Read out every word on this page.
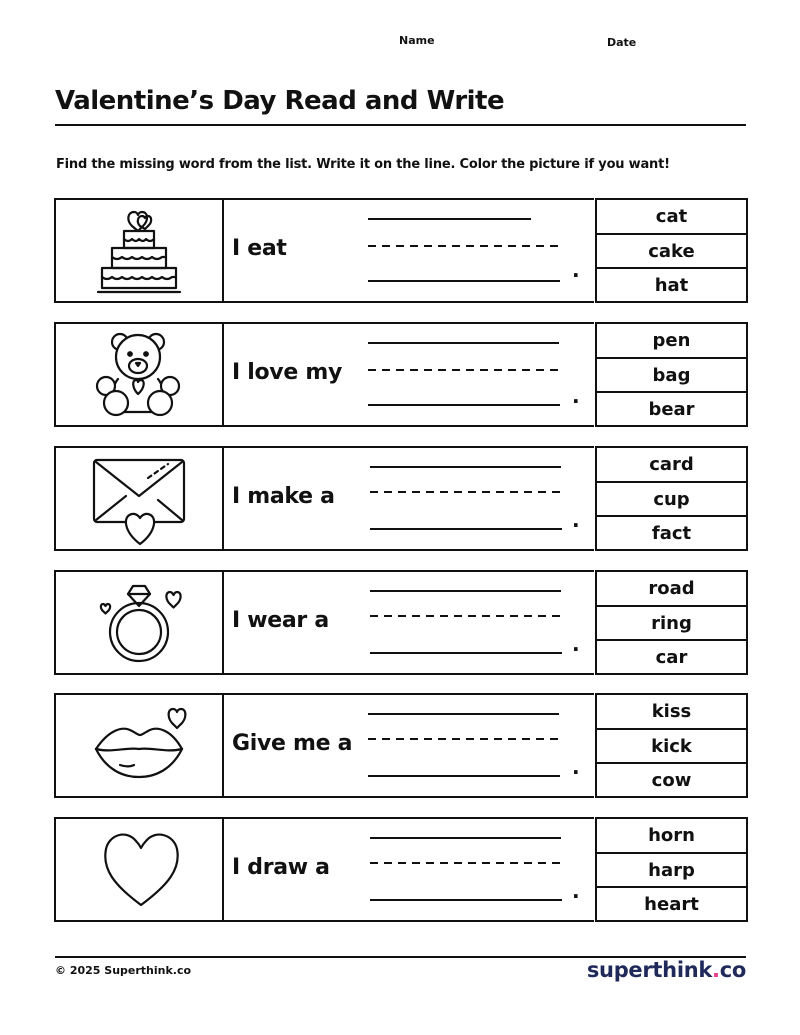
Name	Date
Valentine’s Day Read and Write
Find the missing word from the list. Write it on the line. Color the picture if you want!
I eat
.
cat
cake
hat
I love my
.
pen
bag
bear
I make a
.
card
cup
fact
I wear a
.
road
ring
car
Give me a
.
kiss
kick
cow
I draw a
.
horn
harp
heart
© 2025 Superthink.co	superthink.co
